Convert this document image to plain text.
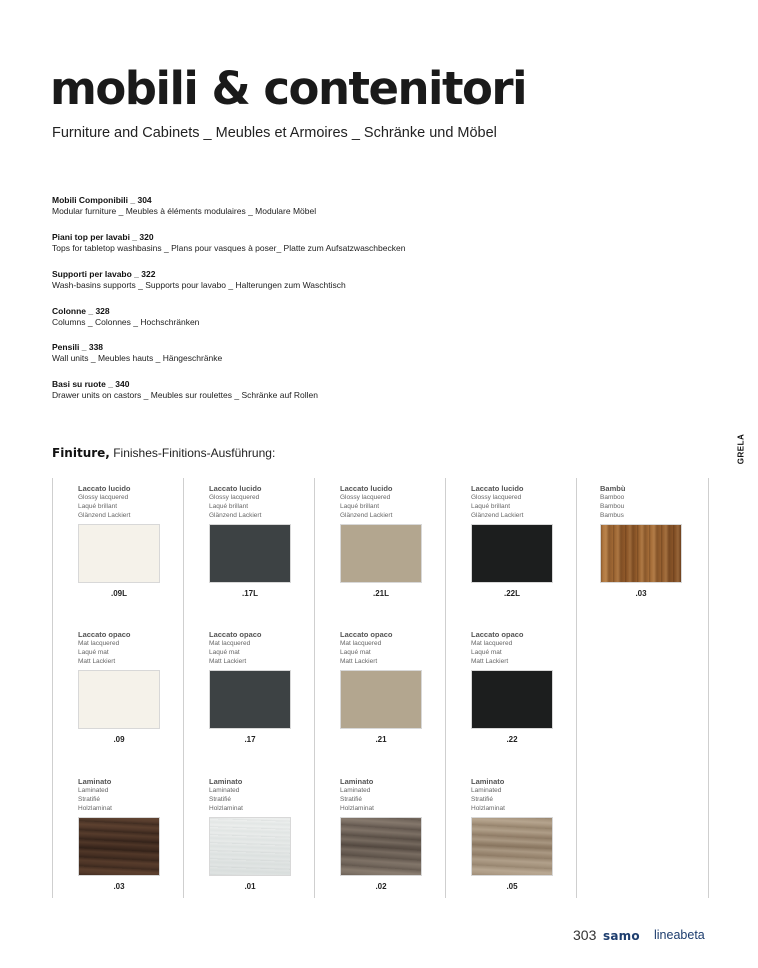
mobili & contenitori
Furniture and Cabinets _ Meubles et Armoires _ Schränke und Möbel
Mobili Componibili _ 304
Modular furniture _ Meubles à éléments modulaires _ Modulare Möbel
Piani top per lavabi _ 320
Tops for tabletop washbasins _ Plans pour vasques à poser_ Platte zum Aufsatzwaschbecken
Supporti per lavabo _ 322
Wash-basins supports _ Supports pour lavabo _ Halterungen zum Waschtisch
Colonne _ 328
Columns _ Colonnes _ Hochschränken
Pensili _ 338
Wall units _ Meubles hauts _ Hängeschränke
Basi su ruote _ 340
Drawer units on castors _ Meubles sur roulettes _ Schränke auf Rollen
Finiture, Finishes-Finitions-Ausführung:	GRELA
Laccato lucido
Glossy lacquered
Laqué brillant
Glänzend Lackiert
.09L
Laccato lucido
Glossy lacquered
Laqué brillant
Glänzend Lackiert
.17L
Laccato lucido
Glossy lacquered
Laqué brillant
Glänzend Lackiert
.21L
Laccato lucido
Glossy lacquered
Laqué brillant
Glänzend Lackiert
.22L
Bambù
Bamboo
Bambou
Bambus
.03
Laccato opaco
Mat lacquered
Laqué mat
Matt Lackiert
.09
Laccato opaco
Mat lacquered
Laqué mat
Matt Lackiert
.17
Laccato opaco
Mat lacquered
Laqué mat
Matt Lackiert
.21
Laccato opaco
Mat lacquered
Laqué mat
Matt Lackiert
.22
Laminato
Laminated
Stratifié
Holzlaminat
.03
Laminato
Laminated
Stratifié
Holzlaminat
.01
Laminato
Laminated
Stratifié
Holzlaminat
.02
Laminato
Laminated
Stratifié
Holzlaminat
.05
303 samo lineabeta
